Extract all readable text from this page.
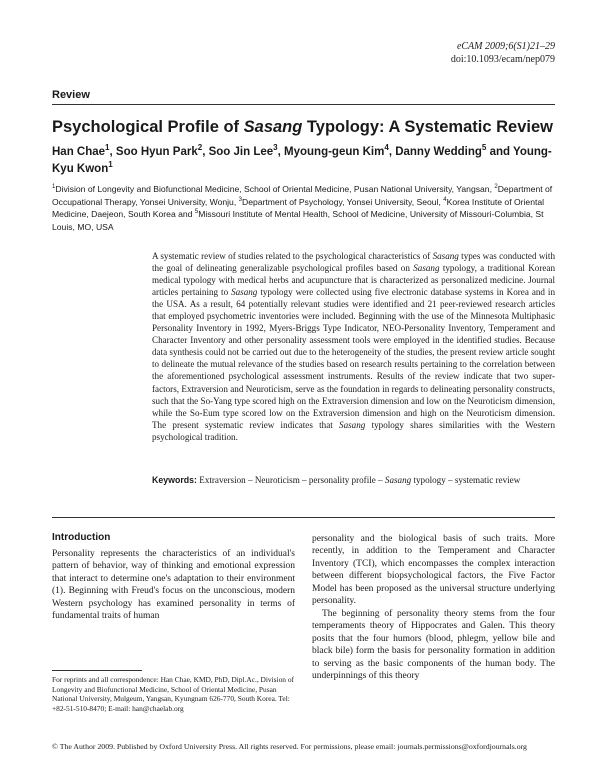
eCAM 2009;6(S1)21–29
doi:10.1093/ecam/nep079
Review
Psychological Profile of Sasang Typology: A Systematic Review
Han Chae$^1$, Soo Hyun Park$^2$, Soo Jin Lee$^3$, Myoung-geun Kim$^4$, Danny Wedding$^5$ and Young-Kyu Kwon$^1$
$^1$Division of Longevity and Biofunctional Medicine, School of Oriental Medicine, Pusan National University, Yangsan, $^2$Department of Occupational Therapy, Yonsei University, Wonju, $^3$Department of Psychology, Yonsei University, Seoul, $^4$Korea Institute of Oriental Medicine, Daejeon, South Korea and $^5$Missouri Institute of Mental Health, School of Medicine, University of Missouri-Columbia, St Louis, MO, USA
A systematic review of studies related to the psychological characteristics of Sasang types was conducted with the goal of delineating generalizable psychological profiles based on Sasang typology, a traditional Korean medical typology with medical herbs and acupuncture that is characterized as personalized medicine. Journal articles pertaining to Sasang typology were collected using five electronic database systems in Korea and in the USA. As a result, 64 potentially relevant studies were identified and 21 peer-reviewed research articles that employed psychometric inventories were included. Beginning with the use of the Minnesota Multiphasic Personality Inventory in 1992, Myers-Briggs Type Indicator, NEO-Personality Inventory, Temperament and Character Inventory and other personality assessment tools were employed in the identified studies. Because data synthesis could not be carried out due to the heterogeneity of the studies, the present review article sought to delineate the mutual relevance of the studies based on research results pertaining to the correlation between the aforementioned psychological assessment instruments. Results of the review indicate that two super-factors, Extraversion and Neuroticism, serve as the foundation in regards to delineating personality constructs, such that the So-Yang type scored high on the Extraversion dimension and low on the Neuroticism dimension, while the So-Eum type scored low on the Extraversion dimension and high on the Neuroticism dimension. The present systematic review indicates that Sasang typology shares similarities with the Western psychological tradition.
Keywords: Extraversion – Neuroticism – personality profile – Sasang typology – systematic review
Introduction

Personality represents the characteristics of an individual's pattern of behavior, way of thinking and emotional expression that interact to determine one's adaptation to their environment (1). Beginning with Freud's focus on the unconscious, modern Western psychology has examined personality in terms of fundamental traits of human

personality and the biological basis of such traits. More recently, in addition to the Temperament and Character Inventory (TCI), which encompasses the complex interaction between different biopsychological factors, the Five Factor Model has been proposed as the universal structure underlying personality.

The beginning of personality theory stems from the four temperaments theory of Hippocrates and Galen. This theory posits that the four humors (blood, phlegm, yellow bile and black bile) form the basis for personality formation in addition to serving as the basic components of the human body. The underpinnings of this theory

For reprints and all correspondence: Han Chae, KMD, PhD, Dipl.Ac., Division of Longevity and Biofunctional Medicine, School of Oriental Medicine, Pusan National University, Mulgeum, Yangsan, Kyungnam 626-770, South Korea. Tel: +82-51-510-8470; E-mail: han@chaelab.org
© The Author 2009. Published by Oxford University Press. All rights reserved. For permissions, please email: journals.permissions@oxfordjournals.org
